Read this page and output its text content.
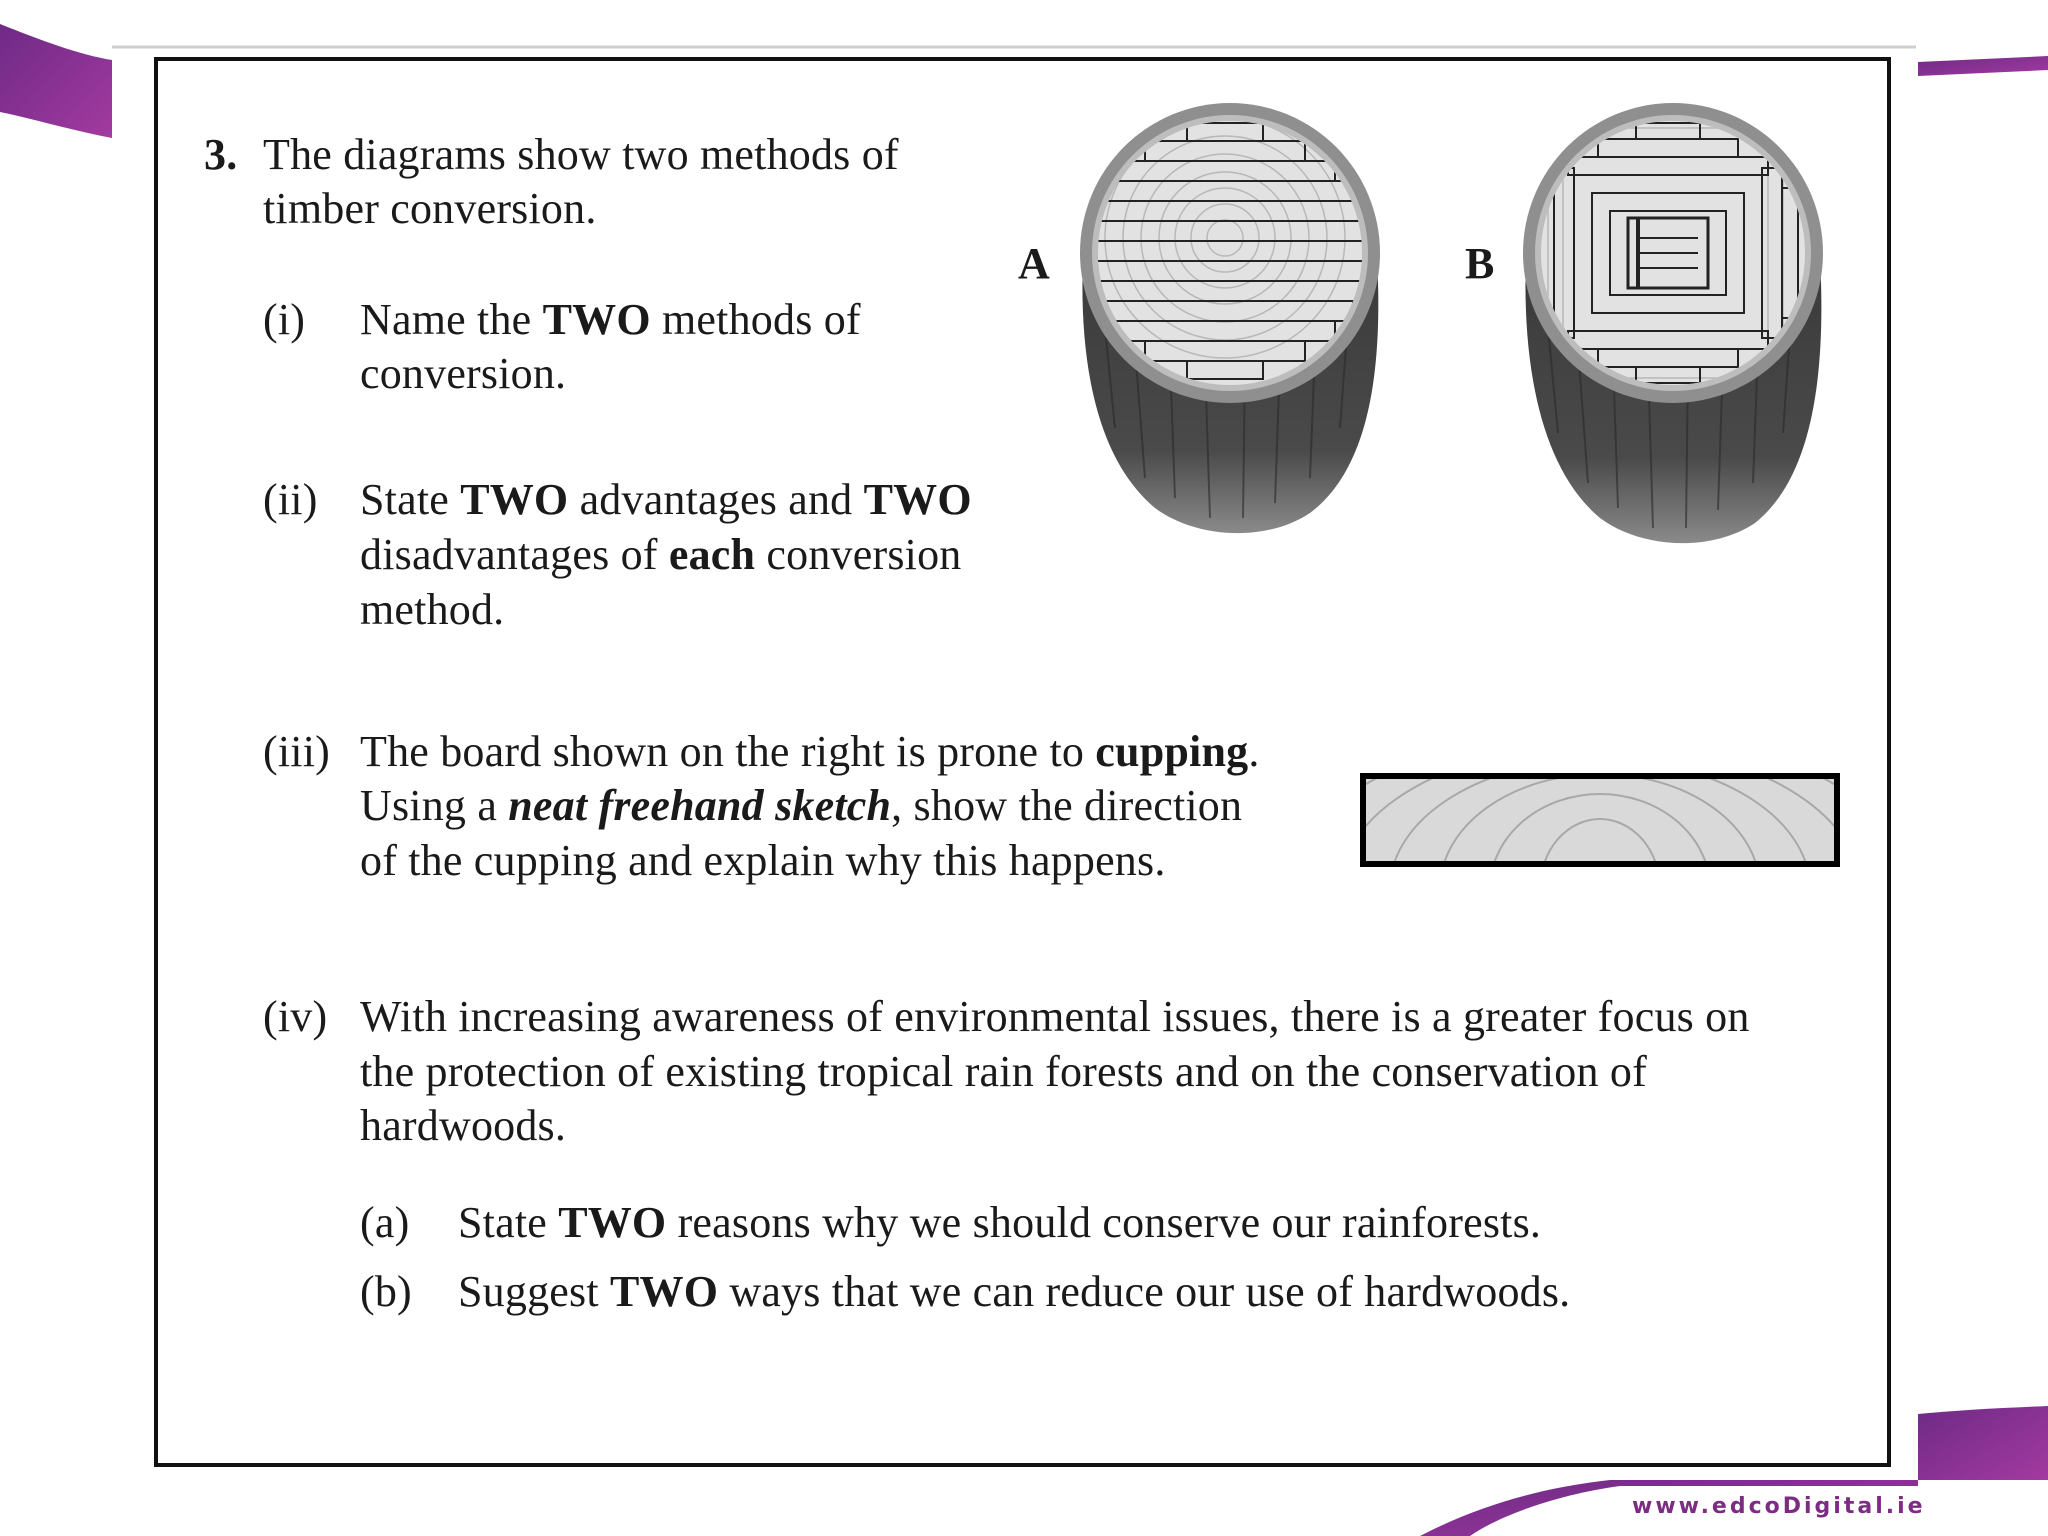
3. The diagrams show two methods of
timber conversion.
(i) Name the TWO methods of
conversion.
(ii) State TWO advantages and TWO
disadvantages of each conversion
method.
(iii) The board shown on the right is prone to cupping.
Using a neat freehand sketch, show the direction
of the cupping and explain why this happens.
(iv) With increasing awareness of environmental issues, there is a greater focus on
the protection of existing tropical rain forests and on the conservation of
hardwoods.
(a) State TWO reasons why we should conserve our rainforests.
(b) Suggest TWO ways that we can reduce our use of hardwoods.
A	B
www.edcoDigital.ie
